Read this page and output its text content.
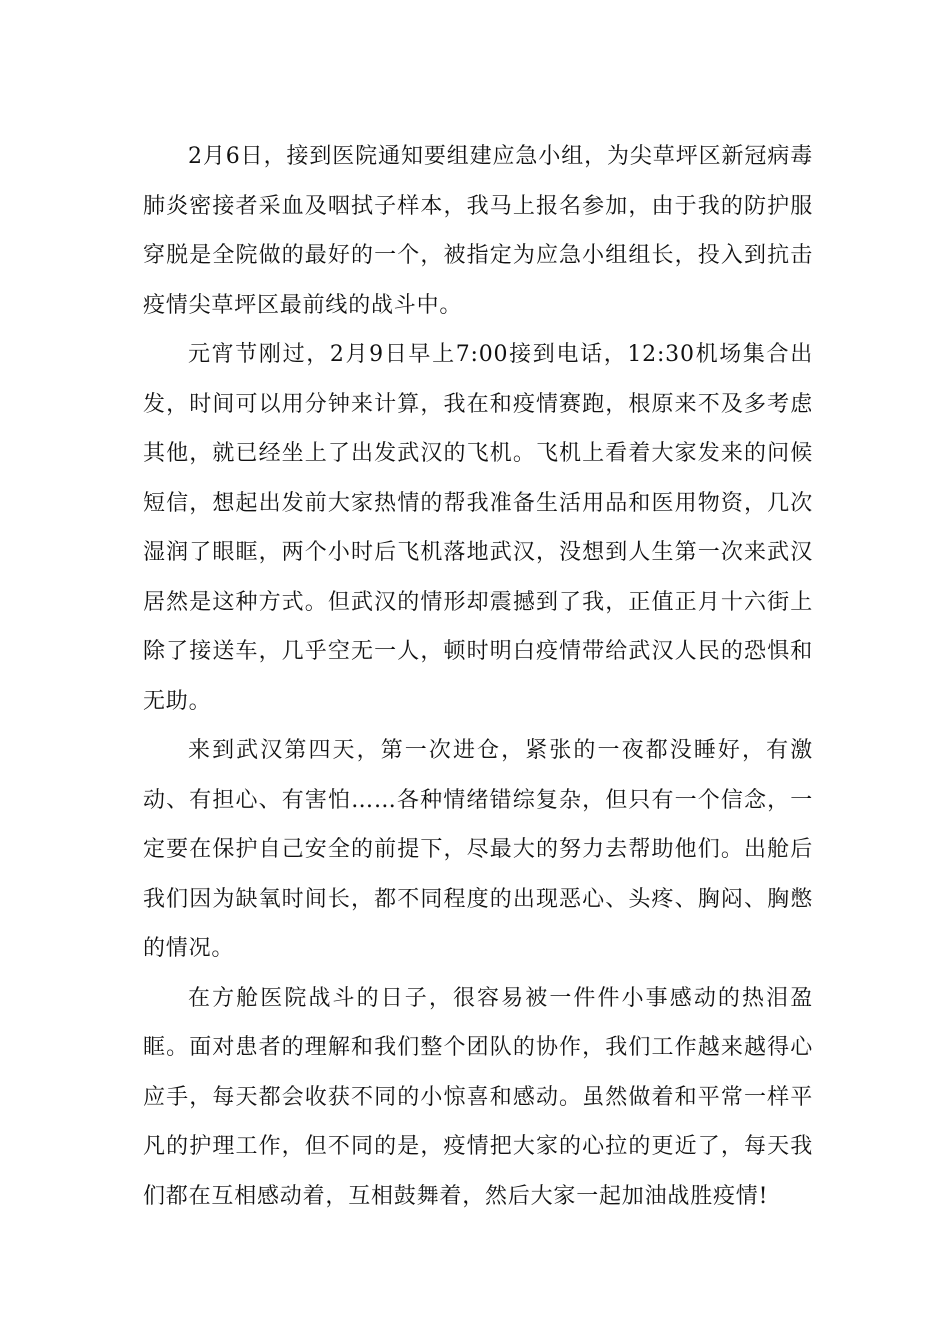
2月6日，接到医院通知要组建应急小组，为尖草坪区新冠病毒肺炎密接者采血及咽拭子样本，我马上报名参加，由于我的防护服穿脱是全院做的最好的一个，被指定为应急小组组长，投入到抗击疫情尖草坪区最前线的战斗中。

元宵节刚过，2月9日早上7:00接到电话，12:30机场集合出发，时间可以用分钟来计算，我在和疫情赛跑，根原来不及多考虑其他，就已经坐上了出发武汉的飞机。飞机上看着大家发来的问候短信，想起出发前大家热情的帮我准备生活用品和医用物资，几次湿润了眼眶，两个小时后飞机落地武汉，没想到人生第一次来武汉居然是这种方式。但武汉的情形却震撼到了我，正值正月十六街上除了接送车，几乎空无一人，顿时明白疫情带给武汉人民的恐惧和无助。

来到武汉第四天，第一次进仓，紧张的一夜都没睡好，有激动、有担心、有害怕……各种情绪错综复杂，但只有一个信念，一定要在保护自己安全的前提下，尽最大的努力去帮助他们。出舱后我们因为缺氧时间长，都不同程度的出现恶心、头疼、胸闷、胸憋的情况。

在方舱医院战斗的日子，很容易被一件件小事感动的热泪盈眶。面对患者的理解和我们整个团队的协作，我们工作越来越得心应手，每天都会收获不同的小惊喜和感动。虽然做着和平常一样平凡的护理工作，但不同的是，疫情把大家的心拉的更近了，每天我们都在互相感动着，互相鼓舞着，然后大家一起加油战胜疫情!
